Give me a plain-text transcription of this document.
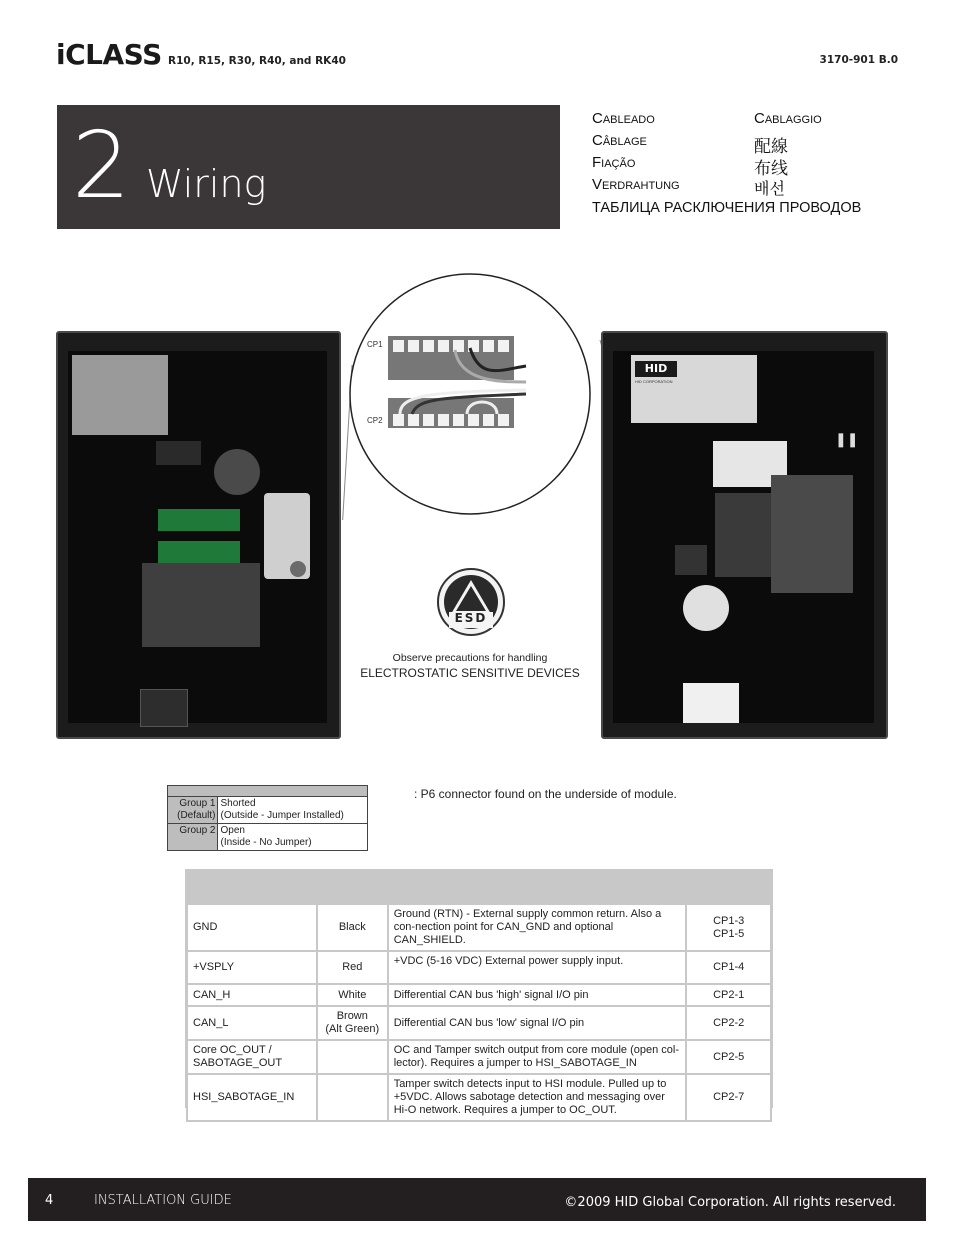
iCLASS R10, R15, R30, R40, and RK40	3170-901 B.0
2 Wiring
Cableado
Câblage
Fiação
Verdrahtung
Cablaggio
配線
布线
배선
ТАБЛИЦА РАСКЛЮЧЕНИЯ ПРОВОДОВ
CP1
CP2
ESD
Observe precautions for handling
ELECTROSTATIC SENSITIVE DEVICES
HID
HID CORPORATION
❚❚
: P6 connector found on the underside of module.

Group 1
(Default)	Shorted
(Outside - Jumper Installed)
Group 2	Open
(Inside - No Jumper)
GND	Black	Ground (RTN) - External supply common return. Also a con-nection point for CAN_GND and optional CAN_SHIELD.	CP1-3
CP1-5
+VSPLY	Red	+VDC (5-16 VDC) External power supply input.	CP1-4
CAN_H	White	Differential CAN bus 'high' signal I/O pin	CP2-1
CAN_L	Brown
(Alt Green)	Differential CAN bus 'low' signal I/O pin	CP2-2
Core OC_OUT /
SABOTAGE_OUT		OC and Tamper switch output from core module (open col-lector). Requires a jumper to HSI_SABOTAGE_IN	CP2-5
HSI_SABOTAGE_IN		Tamper switch detects input to HSI module. Pulled up to +5VDC. Allows sabotage detection and messaging over Hi-O network. Requires a jumper to OC_OUT.	CP2-7
4	INSTALLATION GUIDE	©2009 HID Global Corporation. All rights reserved.
